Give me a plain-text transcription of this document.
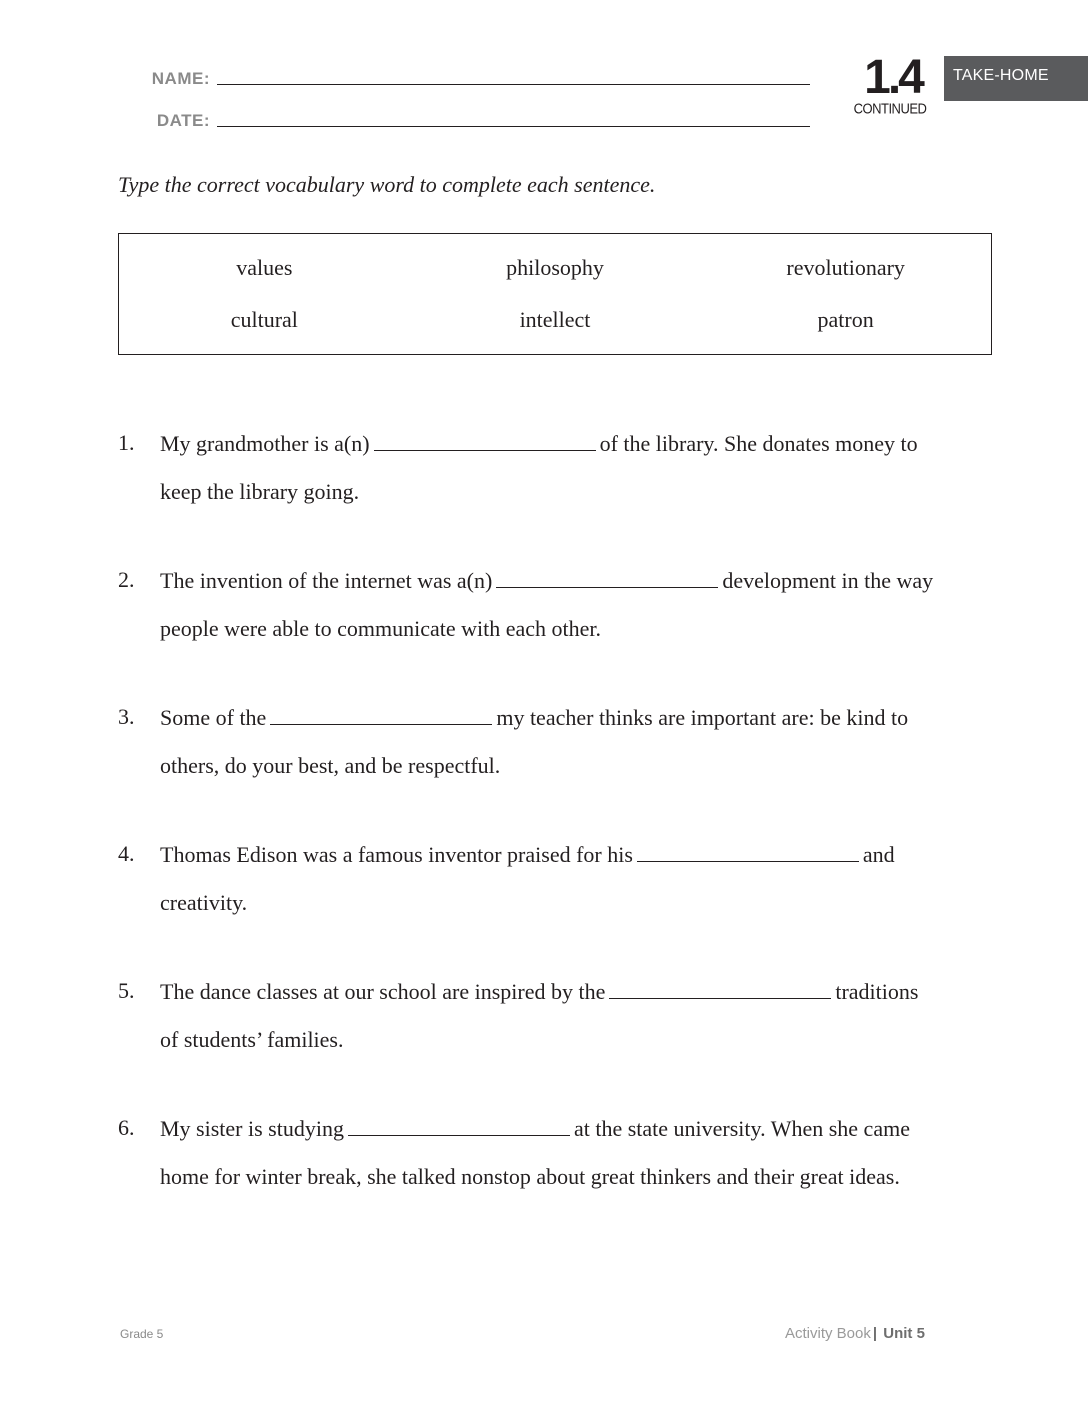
NAME:
DATE:
1.4
CONTINUED
TAKE-HOME
Type the correct vocabulary word to complete each sentence.
values	philosophy	revolutionary
cultural	intellect	patron
1. My grandmother is a(n)	of the library. She donates money to
keep the library going.
2. The invention of the internet was a(n)	development in the way
people were able to communicate with each other.
3. Some of the	my teacher thinks are important are: be kind to
others, do your best, and be respectful.
4. Thomas Edison was a famous inventor praised for his	and
creativity.
5. The dance classes at our school are inspired by the	traditions
of students’ families.
6. My sister is studying	at the state university. When she came
home for winter break, she talked nonstop about great thinkers and their great ideas.
Grade 5	Activity Book | Unit 5
